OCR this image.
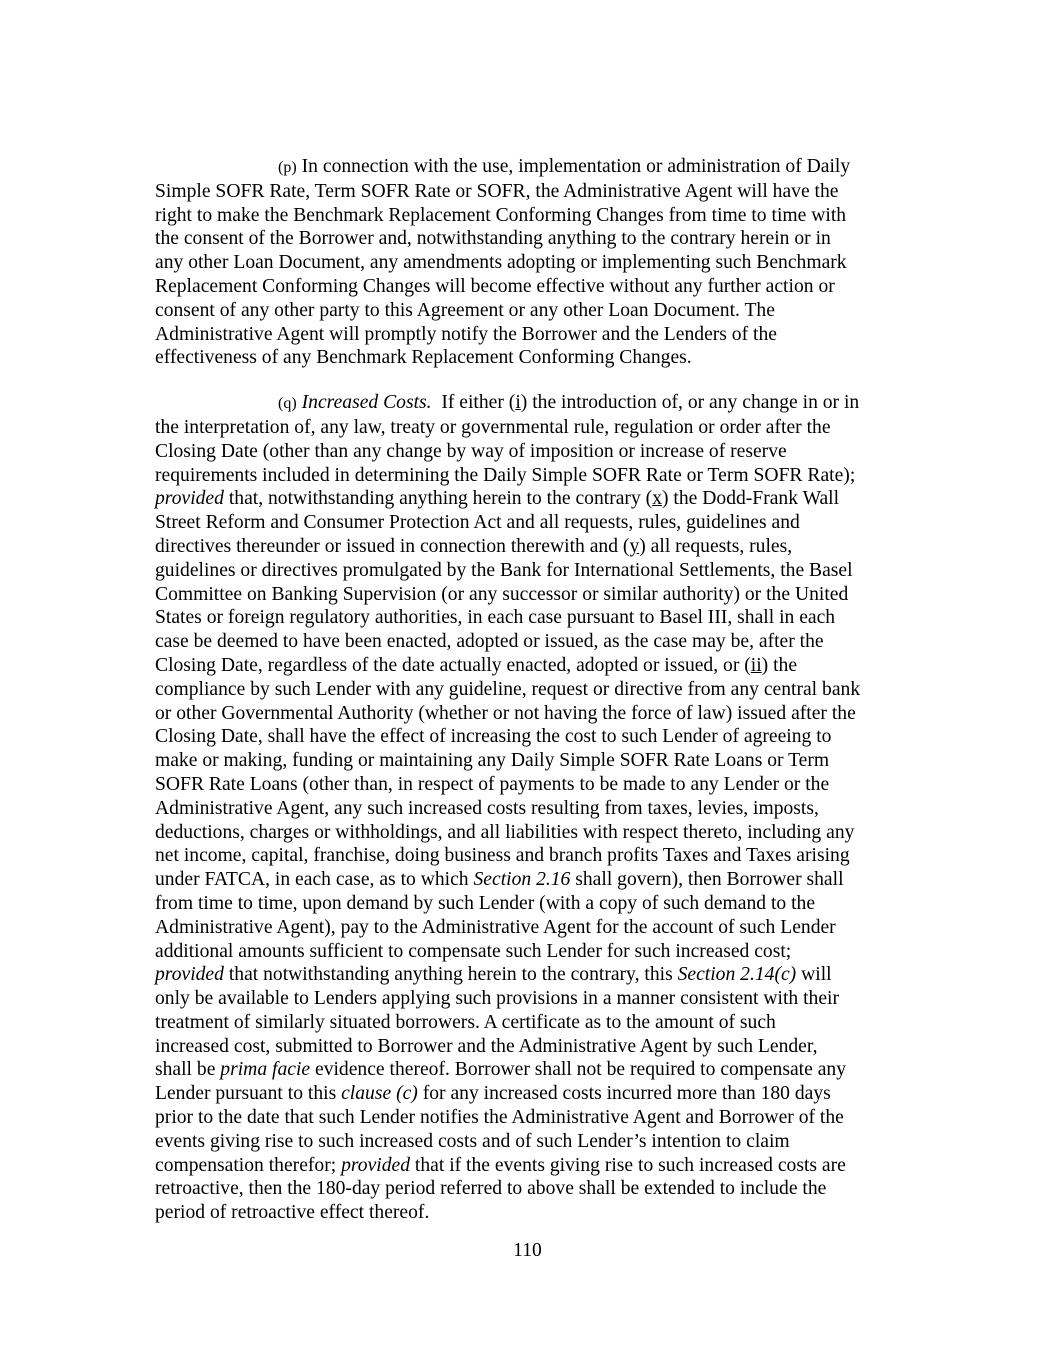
(p) In connection with the use, implementation or administration of Daily
Simple SOFR Rate, Term SOFR Rate or SOFR, the Administrative Agent will have the
right to make the Benchmark Replacement Conforming Changes from time to time with
the consent of the Borrower and, notwithstanding anything to the contrary herein or in
any other Loan Document, any amendments adopting or implementing such Benchmark
Replacement Conforming Changes will become effective without any further action or
consent of any other party to this Agreement or any other Loan Document. The
Administrative Agent will promptly notify the Borrower and the Lenders of the
effectiveness of any Benchmark Replacement Conforming Changes.

(q) Increased Costs. If either (i) the introduction of, or any change in or in
the interpretation of, any law, treaty or governmental rule, regulation or order after the
Closing Date (other than any change by way of imposition or increase of reserve
requirements included in determining the Daily Simple SOFR Rate or Term SOFR Rate);
provided that, notwithstanding anything herein to the contrary (x) the Dodd-Frank Wall
Street Reform and Consumer Protection Act and all requests, rules, guidelines and
directives thereunder or issued in connection therewith and (y) all requests, rules,
guidelines or directives promulgated by the Bank for International Settlements, the Basel
Committee on Banking Supervision (or any successor or similar authority) or the United
States or foreign regulatory authorities, in each case pursuant to Basel III, shall in each
case be deemed to have been enacted, adopted or issued, as the case may be, after the
Closing Date, regardless of the date actually enacted, adopted or issued, or (ii) the
compliance by such Lender with any guideline, request or directive from any central bank
or other Governmental Authority (whether or not having the force of law) issued after the
Closing Date, shall have the effect of increasing the cost to such Lender of agreeing to
make or making, funding or maintaining any Daily Simple SOFR Rate Loans or Term
SOFR Rate Loans (other than, in respect of payments to be made to any Lender or the
Administrative Agent, any such increased costs resulting from taxes, levies, imposts,
deductions, charges or withholdings, and all liabilities with respect thereto, including any
net income, capital, franchise, doing business and branch profits Taxes and Taxes arising
under FATCA, in each case, as to which Section 2.16 shall govern), then Borrower shall
from time to time, upon demand by such Lender (with a copy of such demand to the
Administrative Agent), pay to the Administrative Agent for the account of such Lender
additional amounts sufficient to compensate such Lender for such increased cost;
provided that notwithstanding anything herein to the contrary, this Section 2.14(c) will
only be available to Lenders applying such provisions in a manner consistent with their
treatment of similarly situated borrowers. A certificate as to the amount of such
increased cost, submitted to Borrower and the Administrative Agent by such Lender,
shall be prima facie evidence thereof. Borrower shall not be required to compensate any
Lender pursuant to this clause (c) for any increased costs incurred more than 180 days
prior to the date that such Lender notifies the Administrative Agent and Borrower of the
events giving rise to such increased costs and of such Lender’s intention to claim
compensation therefor; provided that if the events giving rise to such increased costs are
retroactive, then the 180-day period referred to above shall be extended to include the
period of retroactive effect thereof.

110
